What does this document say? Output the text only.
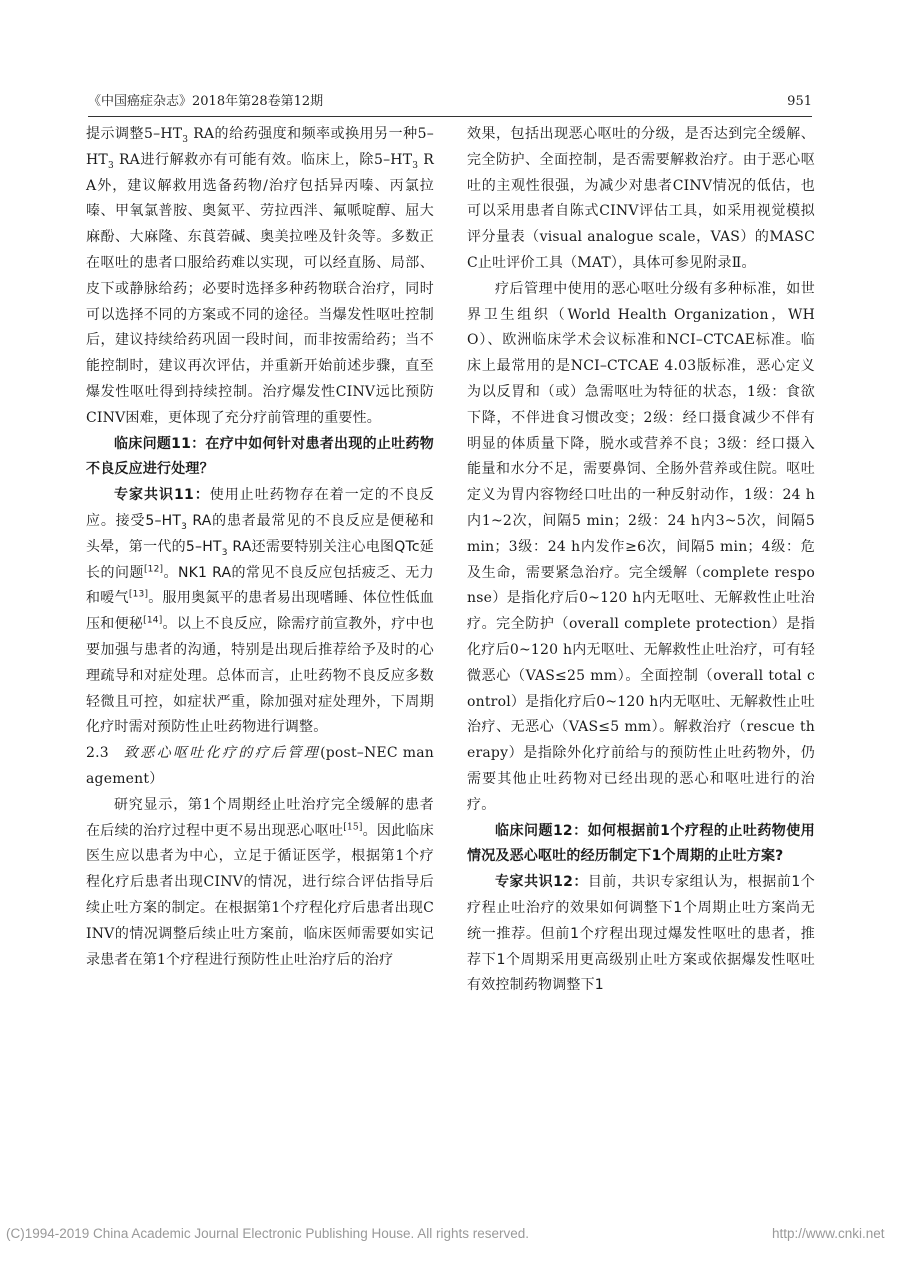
《中国癌症杂志》2018年第28卷第12期	951

提示调整$5-HT_3$ RA的给药强度和频率或换用另一种$5-HT_3$ RA进行解救亦有可能有效。临床上，除$5-HT_3$ RA外，建议解救用选备药物/治疗包括异丙嗪、丙氯拉嗪、甲氧氯普胺、奥氮平、劳拉西泮、氟哌啶醇、屈大麻酚、大麻隆、东莨菪碱、奥美拉唑及针灸等。多数正在呕吐的患者口服给药难以实现，可以经直肠、局部、皮下或静脉给药；必要时选择多种药物联合治疗，同时可以选择不同的方案或不同的途径。当爆发性呕吐控制后，建议持续给药巩固一段时间，而非按需给药；当不能控制时，建议再次评估，并重新开始前述步骤，直至爆发性呕吐得到持续控制。治疗爆发性CINV远比预防CINV困难，更体现了充分疗前管理的重要性。

临床问题11：在疗中如何针对患者出现的止吐药物不良反应进行处理？

专家共识11：使用止吐药物存在着一定的不良反应。接受$5-HT_3$ RA的患者最常见的不良反应是便秘和头晕，第一代的$5-HT_3$ RA还需要特别关注心电图QTc延长的问题[12]。NK1 RA的常见不良反应包括疲乏、无力和嗳气[13]。服用奥氮平的患者易出现嗜睡、体位性低血压和便秘[14]。以上不良反应，除需疗前宣教外，疗中也要加强与患者的沟通，特别是出现后推荐给予及时的心理疏导和对症处理。总体而言，止吐药物不良反应多数轻微且可控，如症状严重，除加强对症处理外，下周期化疗时需对预防性止吐药物进行调整。

2.3 致恶心呕吐化疗的疗后管理(post–NEC management）

研究显示，第1个周期经止吐治疗完全缓解的患者在后续的治疗过程中更不易出现恶心呕吐[15]。因此临床医生应以患者为中心，立足于循证医学，根据第1个疗程化疗后患者出现CINV的情况，进行综合评估指导后续止吐方案的制定。在根据第1个疗程化疗后患者出现CINV的情况调整后续止吐方案前，临床医师需要如实记录患者在第1个疗程进行预防性止吐治疗后的治疗

效果，包括出现恶心呕吐的分级，是否达到完全缓解、完全防护、全面控制，是否需要解救治疗。由于恶心呕吐的主观性很强，为减少对患者CINV情况的低估，也可以采用患者自陈式CINV评估工具，如采用视觉模拟评分量表（visual analogue scale，VAS）的MASCC止吐评价工具（MAT），具体可参见附录Ⅱ。

疗后管理中使用的恶心呕吐分级有多种标准，如世界卫生组织（World Health Organization，WHO）、欧洲临床学术会议标准和NCI–CTCAE标准。临床上最常用的是NCI–CTCAE 4.03版标准，恶心定义为以反胃和（或）急需呕吐为特征的状态，1级：食欲下降，不伴进食习惯改变；2级：经口摄食减少不伴有明显的体质量下降，脱水或营养不良；3级：经口摄入能量和水分不足，需要鼻饲、全肠外营养或住院。呕吐定义为胃内容物经口吐出的一种反射动作，1级：24 h内1~2次，间隔5 min；2级：24 h内3~5次，间隔5 min；3级：24 h内发作≥6次，间隔5 min；4级：危及生命，需要紧急治疗。完全缓解（complete response）是指化疗后0~120 h内无呕吐、无解救性止吐治疗。完全防护（overall complete protection）是指化疗后0~120 h内无呕吐、无解救性止吐治疗，可有轻微恶心（VAS≤25 mm）。全面控制（overall total control）是指化疗后0~120 h内无呕吐、无解救性止吐治疗、无恶心（VAS≤5 mm）。解救治疗（rescue therapy）是指除外化疗前给与的预防性止吐药物外，仍需要其他止吐药物对已经出现的恶心和呕吐进行的治疗。

临床问题12：如何根据前1个疗程的止吐药物使用情况及恶心呕吐的经历制定下1个周期的止吐方案?

专家共识12：目前，共识专家组认为，根据前1个疗程止吐治疗的效果如何调整下1个周期止吐方案尚无统一推荐。但前1个疗程出现过爆发性呕吐的患者，推荐下1个周期采用更高级别止吐方案或依据爆发性呕吐有效控制药物调整下1

(C)1994-2019 China Academic Journal Electronic Publishing House. All rights reserved.	http://www.cnki.net
